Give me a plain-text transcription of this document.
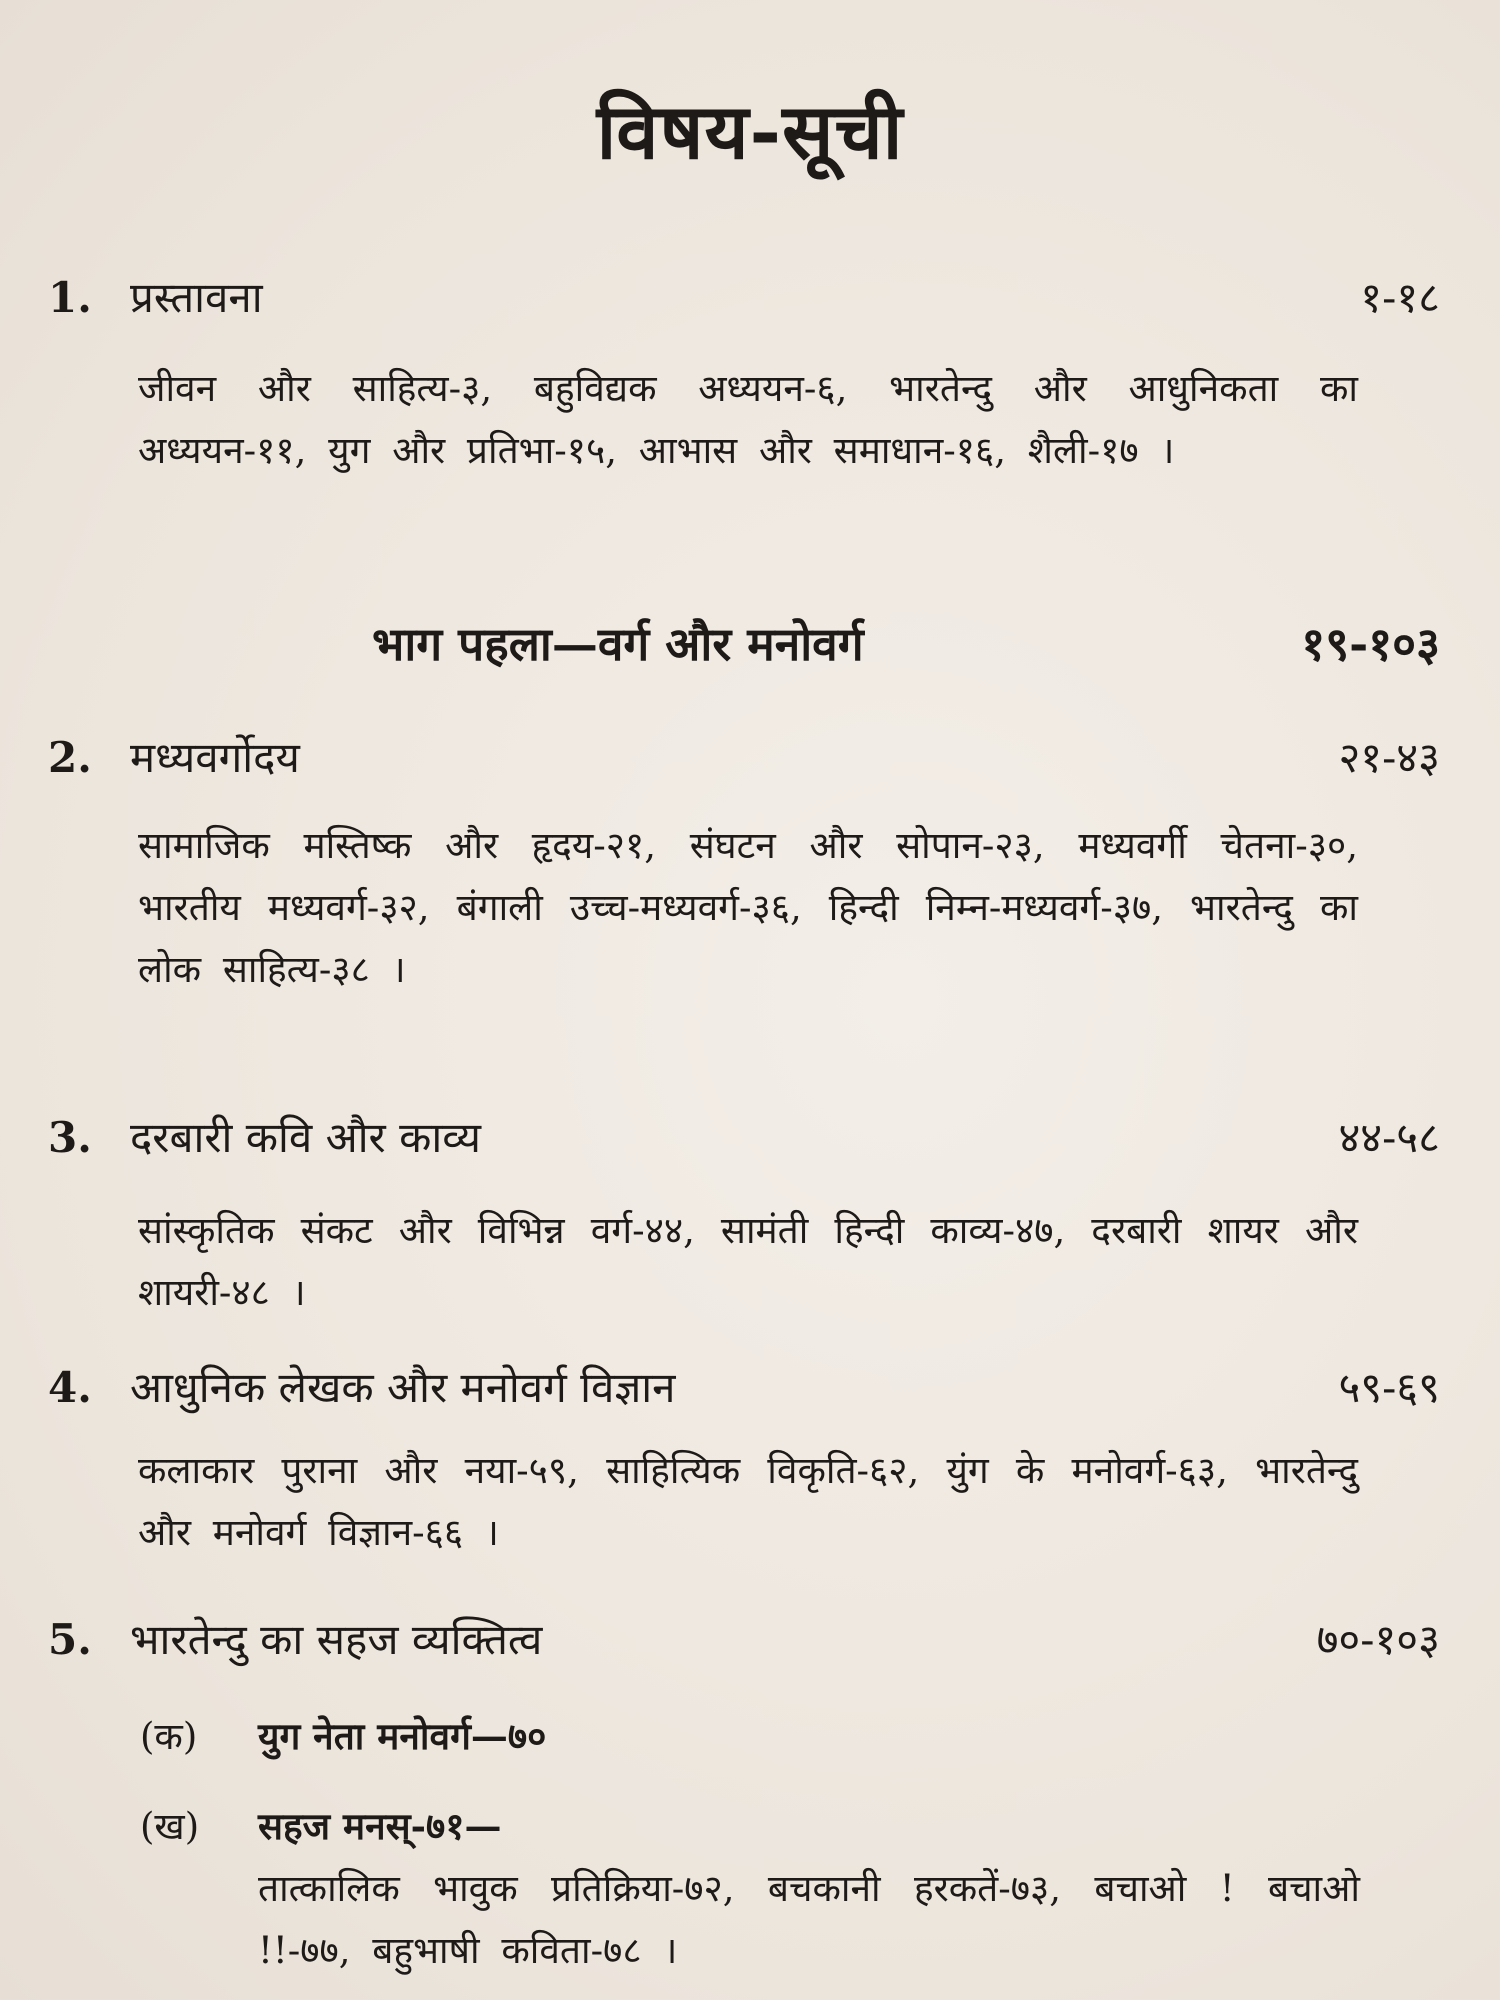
विषय-सूची
1. प्रस्तावना	१-१८
जीवन और साहित्य-३, बहुविद्यक अध्ययन-६, भारतेन्दु और आधुनिकता का अध्ययन-११, युग और प्रतिभा-१५, आभास और समाधान-१६, शैली-१७ ।
भाग पहला—वर्ग और मनोवर्ग	१९-१०३
2. मध्यवर्गोदय	२१-४३
सामाजिक मस्तिष्क और हृदय-२१, संघटन और सोपान-२३, मध्यवर्गी चेतना-३०, भारतीय मध्यवर्ग-३२, बंगाली उच्च-मध्यवर्ग-३६, हिन्दी निम्न-मध्यवर्ग-३७, भारतेन्दु का लोक साहित्य-३८ ।
3. दरबारी कवि और काव्य	४४-५८
सांस्कृतिक संकट और विभिन्न वर्ग-४४, सामंती हिन्दी काव्य-४७, दरबारी शायर और शायरी-४८ ।
4. आधुनिक लेखक और मनोवर्ग विज्ञान	५९-६९
कलाकार पुराना और नया-५९, साहित्यिक विकृति-६२, युंग के मनोवर्ग-६३, भारतेन्दु और मनोवर्ग विज्ञान-६६ ।
5. भारतेन्दु का सहज व्यक्तित्व	७०-१०३
(क) युग नेता मनोवर्ग—७०
(ख) सहज मनस्-७१—
तात्कालिक भावुक प्रतिक्रिया-७२, बचकानी हरकतें-७३, बचाओ ! बचाओ !!-७७, बहुभाषी कविता-७८ ।
